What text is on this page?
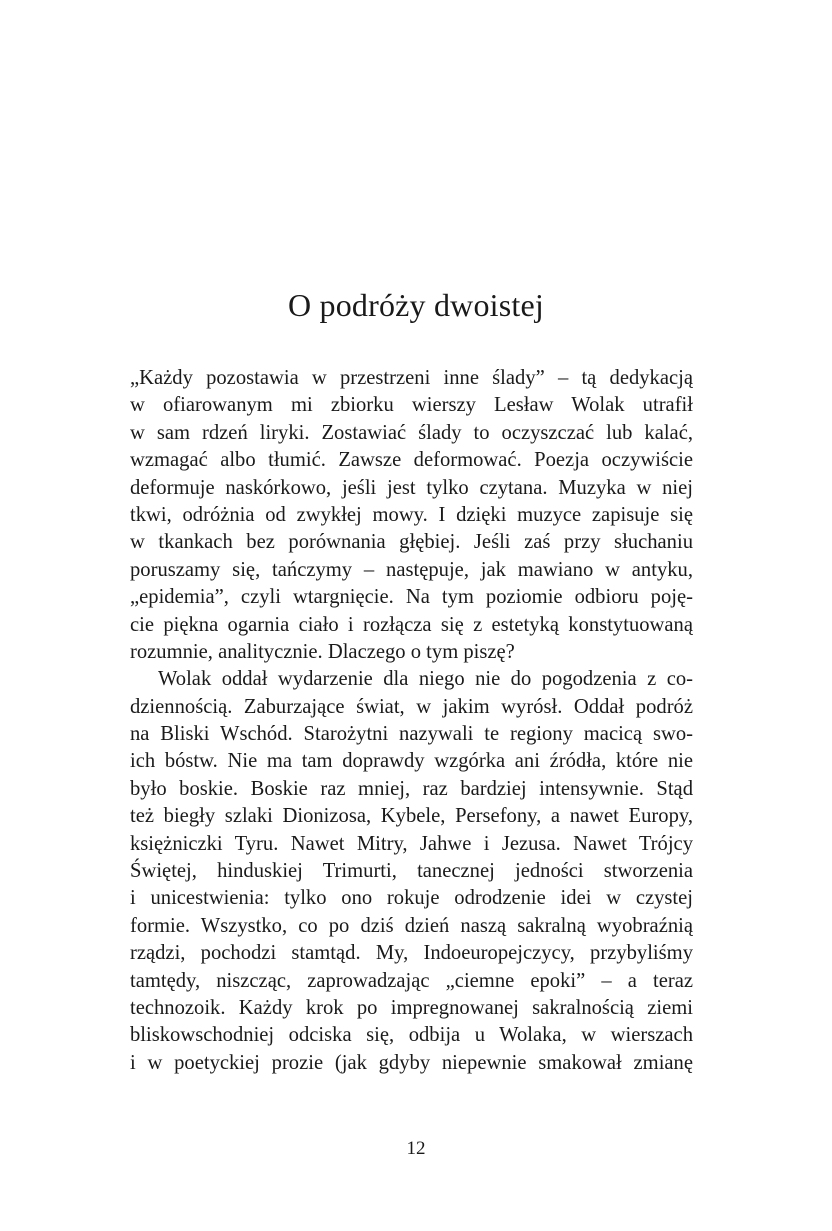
O podróży dwoistej
„Każdy pozostawia w przestrzeni inne ślady” – tą dedykacją
w ofiarowanym mi zbiorku wierszy Lesław Wolak utrafił
w sam rdzeń liryki. Zostawiać ślady to oczyszczać lub kalać,
wzmagać albo tłumić. Zawsze deformować. Poezja oczywiście
deformuje naskórkowo, jeśli jest tylko czytana. Muzyka w niej
tkwi, odróżnia od zwykłej mowy. I dzięki muzyce zapisuje się
w tkankach bez porównania głębiej. Jeśli zaś przy słuchaniu
poruszamy się, tańczymy – następuje, jak mawiano w antyku,
„epidemia”, czyli wtargnięcie. Na tym poziomie odbioru poję-
cie piękna ogarnia ciało i rozłącza się z estetyką konstytuowaną
rozumnie, analitycznie. Dlaczego o tym piszę?
Wolak oddał wydarzenie dla niego nie do pogodzenia z co-
dziennością. Zaburzające świat, w jakim wyrósł. Oddał podróż
na Bliski Wschód. Starożytni nazywali te regiony macicą swo-
ich bóstw. Nie ma tam doprawdy wzgórka ani źródła, które nie
było boskie. Boskie raz mniej, raz bardziej intensywnie. Stąd
też biegły szlaki Dionizosa, Kybele, Persefony, a nawet Europy,
księżniczki Tyru. Nawet Mitry, Jahwe i Jezusa. Nawet Trójcy
Świętej, hinduskiej Trimurti, tanecznej jedności stworzenia
i unicestwienia: tylko ono rokuje odrodzenie idei w czystej
formie. Wszystko, co po dziś dzień naszą sakralną wyobraźnią
rządzi, pochodzi stamtąd. My, Indoeuropejczycy, przybyliśmy
tamtędy, niszcząc, zaprowadzając „ciemne epoki” – a teraz
technozoik. Każdy krok po impregnowanej sakralnością ziemi
bliskowschodniej odciska się, odbija u Wolaka, w wierszach
i w poetyckiej prozie (jak gdyby niepewnie smakował zmianę
12
